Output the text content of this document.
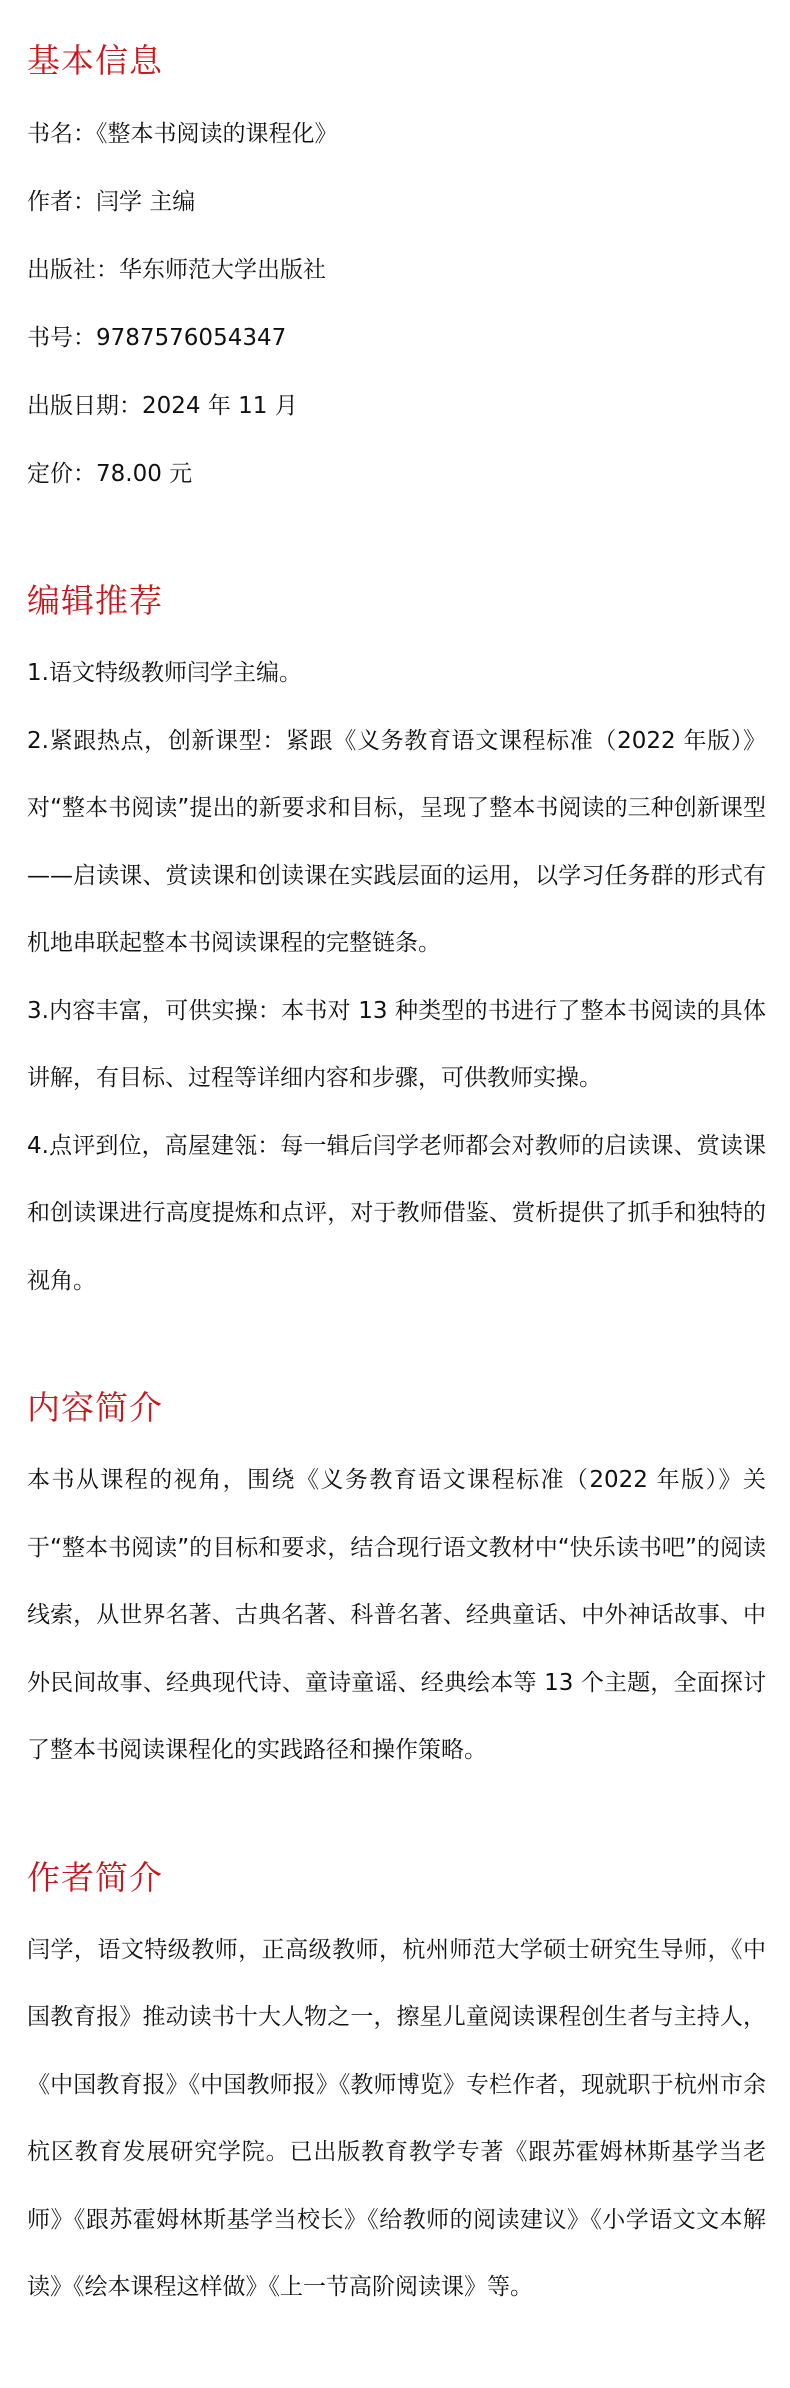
基本信息

书名：《整本书阅读的课程化》

作者：闫学 主编

出版社：华东师范大学出版社

书号：9787576054347

出版日期：2024 年 11 月

定价：78.00 元

编辑推荐

1.语文特级教师闫学主编。

2.紧跟热点，创新课型：紧跟《义务教育语文课程标准（2022 年版）》对“整本书阅读”提出的新要求和目标，呈现了整本书阅读的三种创新课型——启读课、赏读课和创读课在实践层面的运用，以学习任务群的形式有机地串联起整本书阅读课程的完整链条。

3.内容丰富，可供实操：本书对 13 种类型的书进行了整本书阅读的具体讲解，有目标、过程等详细内容和步骤，可供教师实操。

4.点评到位，高屋建瓴：每一辑后闫学老师都会对教师的启读课、赏读课和创读课进行高度提炼和点评，对于教师借鉴、赏析提供了抓手和独特的视角。

内容简介

本书从课程的视角，围绕《义务教育语文课程标准（2022 年版）》关于“整本书阅读”的目标和要求，结合现行语文教材中“快乐读书吧”的阅读线索，从世界名著、古典名著、科普名著、经典童话、中外神话故事、中外民间故事、经典现代诗、童诗童谣、经典绘本等 13 个主题，全面探讨了整本书阅读课程化的实践路径和操作策略。

作者简介

闫学，语文特级教师，正高级教师，杭州师范大学硕士研究生导师，《中国教育报》推动读书十大人物之一，擦星儿童阅读课程创生者与主持人，《中国教育报》《中国教师报》《教师博览》专栏作者，现就职于杭州市余杭区教育发展研究学院。已出版教育教学专著《跟苏霍姆林斯基学当老师》《跟苏霍姆林斯基学当校长》《给教师的阅读建议》《小学语文文本解读》《绘本课程这样做》《上一节高阶阅读课》等。
